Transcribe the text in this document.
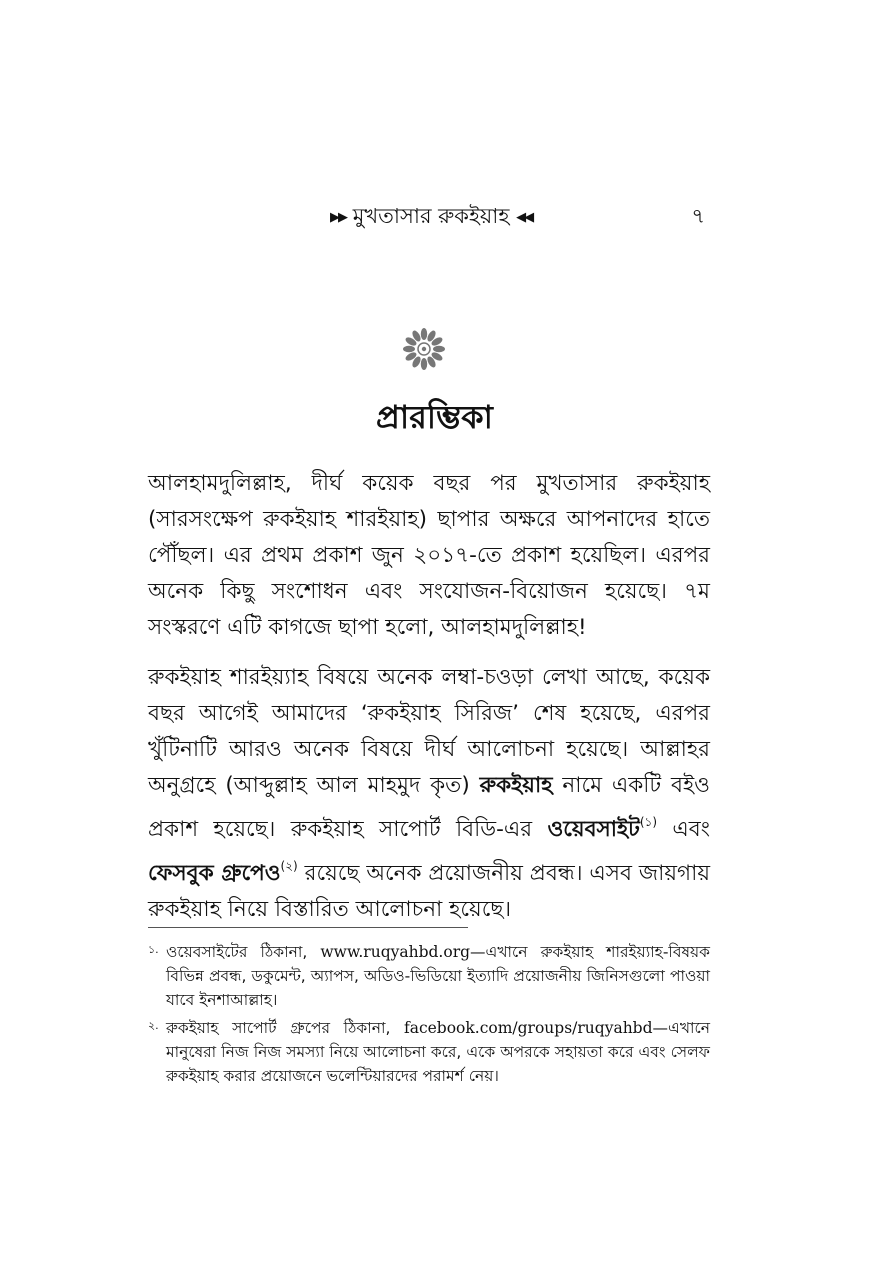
▶▶ মুখতাসার রুকইয়াহ ◀◀	৭
প্রারম্ভিকা
আলহামদুলিল্লাহ, দীর্ঘ কয়েক বছর পর মুখতাসার রুকইয়াহ (সারসংক্ষেপ রুকইয়াহ শারইয়াহ) ছাপার অক্ষরে আপনাদের হাতে পৌঁছল। এর প্রথম প্রকাশ জুন ২০১৭-তে প্রকাশ হয়েছিল। এরপর অনেক কিছু সংশোধন এবং সংযোজন-বিয়োজন হয়েছে। ৭ম সংস্করণে এটি কাগজে ছাপা হলো, আলহামদুলিল্লাহ!
রুকইয়াহ শারইয়্যাহ বিষয়ে অনেক লম্বা-চওড়া লেখা আছে, কয়েক বছর আগেই আমাদের ‘রুকইয়াহ সিরিজ’ শেষ হয়েছে, এরপর খুঁটিনাটি আরও অনেক বিষয়ে দীর্ঘ আলোচনা হয়েছে। আল্লাহর অনুগ্রহে (আব্দুল্লাহ আল মাহমুদ কৃত) রুকইয়াহ নামে একটি বইও প্রকাশ হয়েছে। রুকইয়াহ সাপোর্ট বিডি-এর ওয়েবসাইট$^{(১)}$ এবং ফেসবুক গ্রুপেও$^{(২)}$ রয়েছে অনেক প্রয়োজনীয় প্রবন্ধ। এসব জায়গায় রুকইয়াহ নিয়ে বিস্তারিত আলোচনা হয়েছে।
১. ওয়েবসাইটের ঠিকানা, www.ruqyahbd.org—এখানে রুকইয়াহ শারইয়্যাহ-বিষয়ক বিভিন্ন প্রবন্ধ, ডকুমেন্ট, অ্যাপস, অডিও-ভিডিয়ো ইত্যাদি প্রয়োজনীয় জিনিসগুলো পাওয়া যাবে ইনশাআল্লাহ।
২. রুকইয়াহ সাপোর্ট গ্রুপের ঠিকানা, facebook.com/groups/ruqyahbd—এখানে মানুষেরা নিজ নিজ সমস্যা নিয়ে আলোচনা করে, একে অপরকে সহায়তা করে এবং সেলফ রুকইয়াহ করার প্রয়োজনে ভলেন্টিয়ারদের পরামর্শ নেয়।
